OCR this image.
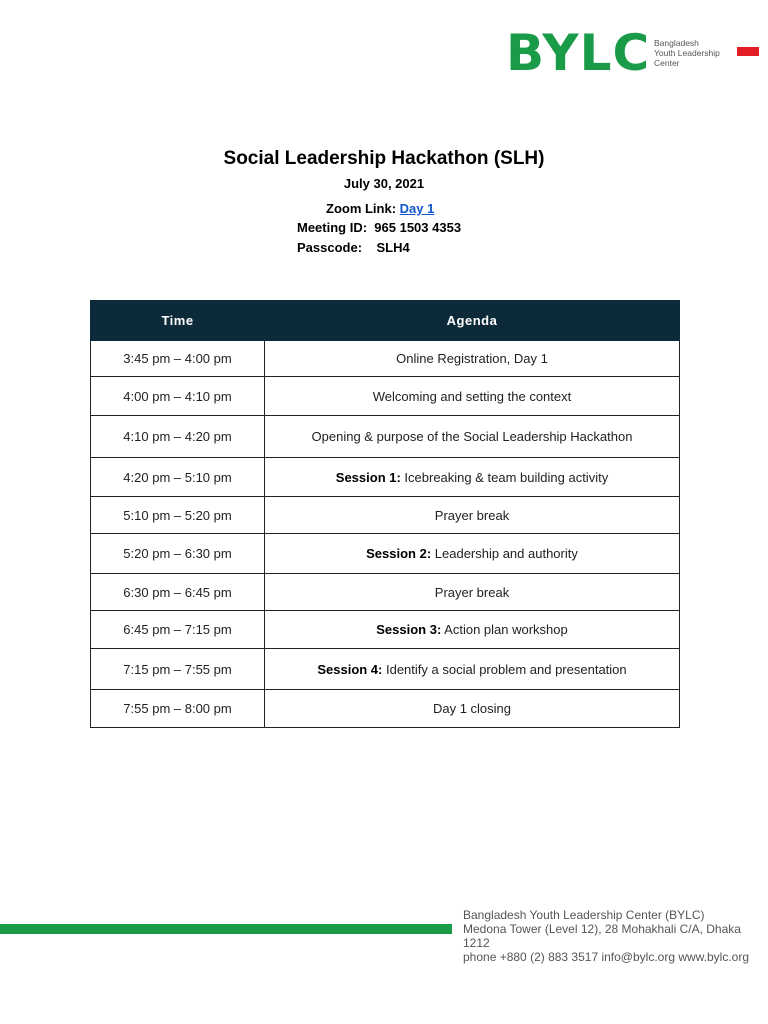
BYLC Bangladesh
Youth Leadership
Center
Social Leadership Hackathon (SLH)
July 30, 2021
Zoom Link: Day 1
Meeting ID: 965 1503 4353
Passcode: SLH4
Time	Agenda
3:45 pm – 4:00 pm	Online Registration, Day 1
4:00 pm – 4:10 pm	Welcoming and setting the context
4:10 pm – 4:20 pm	Opening & purpose of the Social Leadership Hackathon
4:20 pm – 5:10 pm	Session 1: Icebreaking & team building activity
5:10 pm – 5:20 pm	Prayer break
5:20 pm – 6:30 pm	Session 2: Leadership and authority
6:30 pm – 6:45 pm	Prayer break
6:45 pm – 7:15 pm	Session 3: Action plan workshop
7:15 pm – 7:55 pm	Session 4: Identify a social problem and presentation
7:55 pm – 8:00 pm	Day 1 closing
Bangladesh Youth Leadership Center (BYLC)
Medona Tower (Level 12), 28 Mohakhali C/A, Dhaka 1212
phone +880 (2) 883 3517 info@bylc.org www.bylc.org
